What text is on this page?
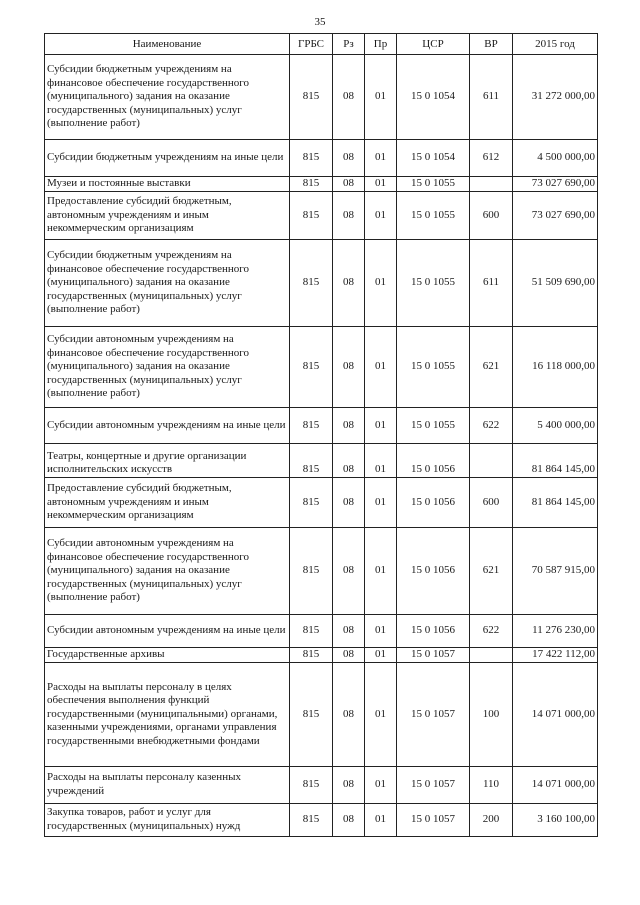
35
Наименование	ГРБС	Рз	Пр	ЦСР	ВР	2015 год
Субсидии бюджетным учреждениям на финансовое обеспечение государственного (муниципального) задания на оказание государственных (муниципальных) услуг (выполнение работ)	815	08	01	15 0 1054	611	31 272 000,00
Субсидии бюджетным учреждениям на иные цели	815	08	01	15 0 1054	612	4 500 000,00
Музеи и постоянные выставки	815	08	01	15 0 1055		73 027 690,00
Предоставление субсидий бюджетным, автономным учреждениям и иным некоммерческим организациям	815	08	01	15 0 1055	600	73 027 690,00
Субсидии бюджетным учреждениям на финансовое обеспечение государственного (муниципального) задания на оказание государственных (муниципальных) услуг (выполнение работ)	815	08	01	15 0 1055	611	51 509 690,00
Субсидии автономным учреждениям на финансовое обеспечение государственного (муниципального) задания на оказание государственных (муниципальных) услуг (выполнение работ)	815	08	01	15 0 1055	621	16 118 000,00
Субсидии автономным учреждениям на иные цели	815	08	01	15 0 1055	622	5 400 000,00
Театры, концертные и другие организации исполнительских искусств	815	08	01	15 0 1056		81 864 145,00
Предоставление субсидий бюджетным, автономным учреждениям и иным некоммерческим организациям	815	08	01	15 0 1056	600	81 864 145,00
Субсидии автономным учреждениям на финансовое обеспечение государственного (муниципального) задания на оказание государственных (муниципальных) услуг (выполнение работ)	815	08	01	15 0 1056	621	70 587 915,00
Субсидии автономным учреждениям на иные цели	815	08	01	15 0 1056	622	11 276 230,00
Государственные архивы	815	08	01	15 0 1057		17 422 112,00
Расходы на выплаты персоналу в целях обеспечения выполнения функций государственными (муниципальными) органами, казенными учреждениями, органами управления государственными внебюджетными фондами	815	08	01	15 0 1057	100	14 071 000,00
Расходы на выплаты персоналу казенных учреждений	815	08	01	15 0 1057	110	14 071 000,00
Закупка товаров, работ и услуг для государственных (муниципальных) нужд	815	08	01	15 0 1057	200	3 160 100,00
